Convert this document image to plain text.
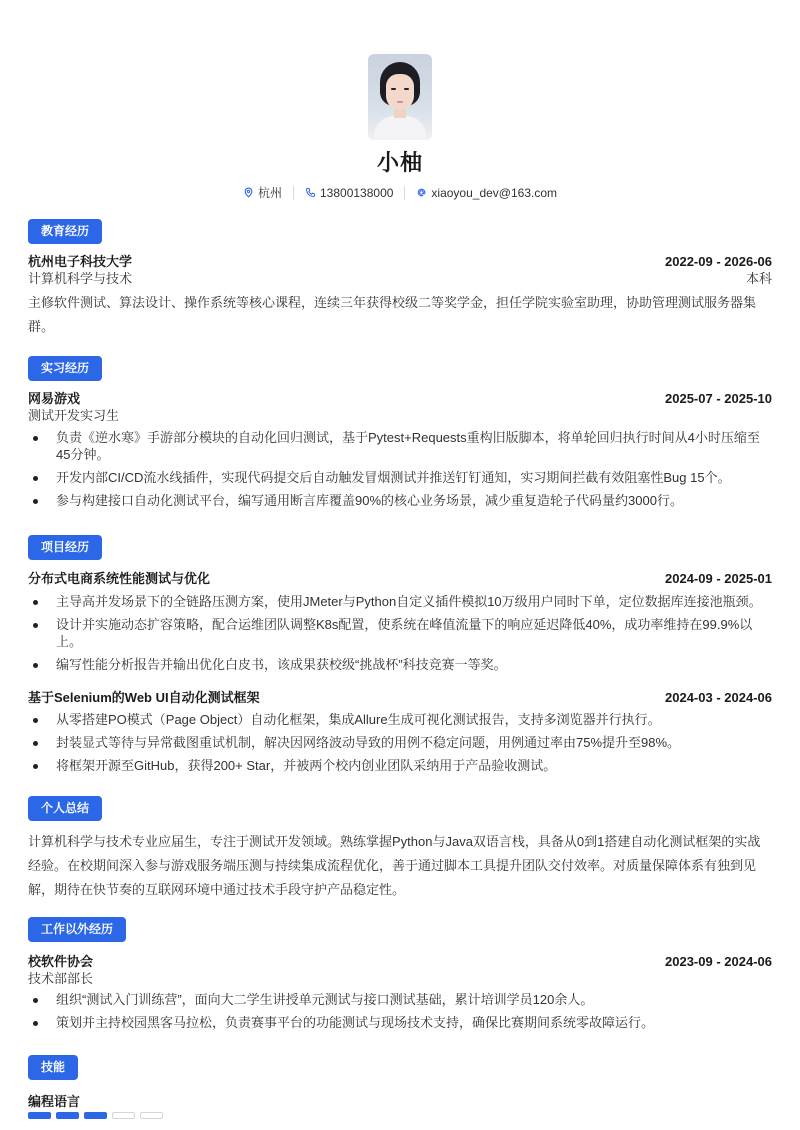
小柚
杭州	13800138000	xiaoyou_dev@163.com
教育经历
杭州电子科技大学	2022-09 - 2026-06
计算机科学与技术	本科
主修软件测试、算法设计、操作系统等核心课程，连续三年获得校级二等奖学金，担任学院实验室助理，协助管理测试服务器集群。
实习经历
网易游戏	2025-07 - 2025-10
测试开发实习生
负责《逆水寒》手游部分模块的自动化回归测试，基于Pytest+Requests重构旧版脚本，将单轮回归执行时间从4小时压缩至45分钟。
开发内部CI/CD流水线插件，实现代码提交后自动触发冒烟测试并推送钉钉通知，实习期间拦截有效阻塞性Bug 15个。
参与构建接口自动化测试平台，编写通用断言库覆盖90%的核心业务场景，减少重复造轮子代码量约3000行。
项目经历
分布式电商系统性能测试与优化	2024-09 - 2025-01
主导高并发场景下的全链路压测方案，使用JMeter与Python自定义插件模拟10万级用户同时下单，定位数据库连接池瓶颈。
设计并实施动态扩容策略，配合运维团队调整K8s配置，使系统在峰值流量下的响应延迟降低40%，成功率维持在99.9%以上。
编写性能分析报告并输出优化白皮书，该成果获校级“挑战杯”科技竞赛一等奖。
基于Selenium的Web UI自动化测试框架	2024-03 - 2024-06
从零搭建PO模式（Page Object）自动化框架，集成Allure生成可视化测试报告，支持多浏览器并行执行。
封装显式等待与异常截图重试机制，解决因网络波动导致的用例不稳定问题，用例通过率由75%提升至98%。
将框架开源至GitHub，获得200+ Star，并被两个校内创业团队采纳用于产品验收测试。
个人总结
计算机科学与技术专业应届生，专注于测试开发领域。熟练掌握Python与Java双语言栈，具备从0到1搭建自动化测试框架的实战经验。在校期间深入参与游戏服务端压测与持续集成流程优化，善于通过脚本工具提升团队交付效率。对质量保障体系有独到见解，期待在快节奏的互联网环境中通过技术手段守护产品稳定性。
工作以外经历
校软件协会	2023-09 - 2024-06
技术部部长
组织“测试入门训练营”，面向大二学生讲授单元测试与接口测试基础，累计培训学员120余人。
策划并主持校园黑客马拉松，负责赛事平台的功能测试与现场技术支持，确保比赛期间系统零故障运行。
技能
编程语言
